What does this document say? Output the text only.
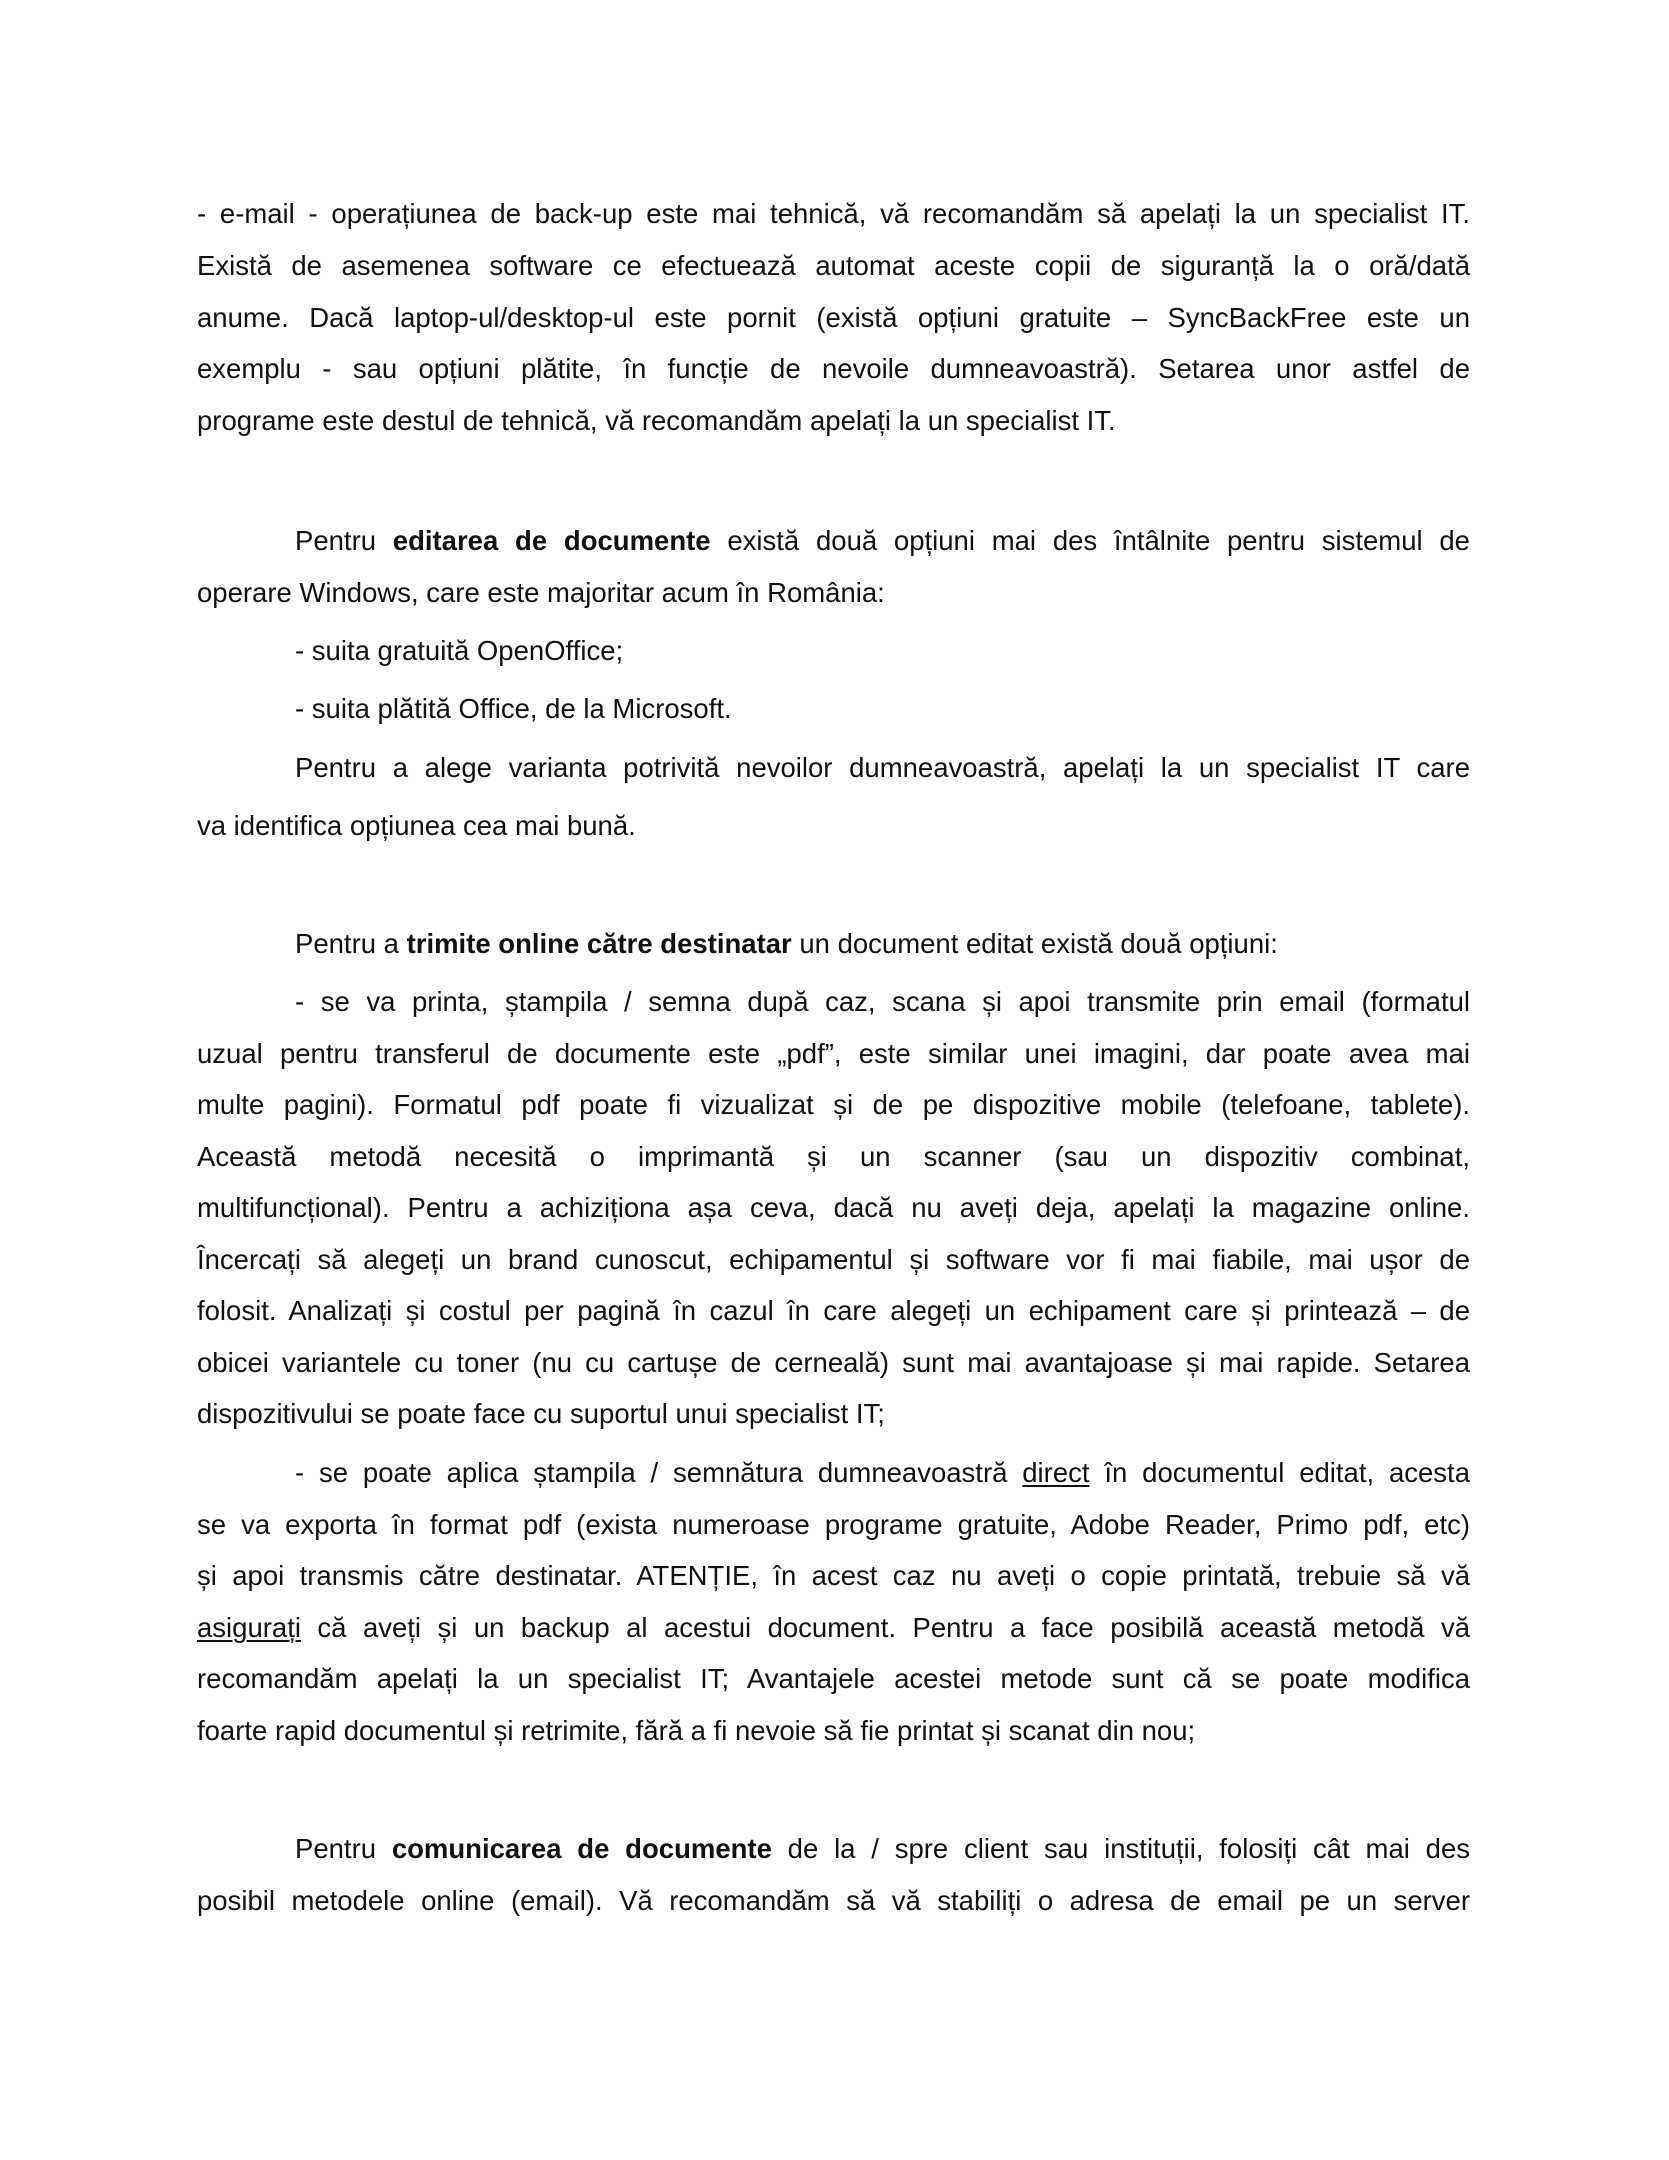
- e-mail - operațiunea de back-up este mai tehnică, vă recomandăm să apelați la un specialist IT.
Există de asemenea software ce efectuează automat aceste copii de siguranță la o oră/dată
anume. Dacă laptop-ul/desktop-ul este pornit (există opțiuni gratuite – SyncBackFree este un
exemplu - sau opțiuni plătite, în funcție de nevoile dumneavoastră). Setarea unor astfel de
programe este destul de tehnică, vă recomandăm apelați la un specialist IT.
Pentru editarea de documente există două opțiuni mai des întâlnite pentru sistemul de
operare Windows, care este majoritar acum în România:
- suita gratuită OpenOffice;
- suita plătită Office, de la Microsoft.
Pentru a alege varianta potrivită nevoilor dumneavoastră, apelați la un specialist IT care
va identifica opțiunea cea mai bună.
Pentru a trimite online către destinatar un document editat există două opțiuni:
- se va printa, ștampila / semna după caz, scana și apoi transmite prin email (formatul
uzual pentru transferul de documente este „pdf”, este similar unei imagini, dar poate avea mai
multe pagini). Formatul pdf poate fi vizualizat și de pe dispozitive mobile (telefoane, tablete).
Această metodă necesită o imprimantă și un scanner (sau un dispozitiv combinat,
multifuncțional). Pentru a achiziționa așa ceva, dacă nu aveți deja, apelați la magazine online.
Încercați să alegeți un brand cunoscut, echipamentul și software vor fi mai fiabile, mai ușor de
folosit. Analizați și costul per pagină în cazul în care alegeți un echipament care și printează – de
obicei variantele cu toner (nu cu cartușe de cerneală) sunt mai avantajoase și mai rapide. Setarea
dispozitivului se poate face cu suportul unui specialist IT;
- se poate aplica ștampila / semnătura dumneavoastră direct în documentul editat, acesta
se va exporta în format pdf (exista numeroase programe gratuite, Adobe Reader, Primo pdf, etc)
și apoi transmis către destinatar. ATENȚIE, în acest caz nu aveți o copie printată, trebuie să vă
asigurați că aveți și un backup al acestui document. Pentru a face posibilă această metodă vă
recomandăm apelați la un specialist IT; Avantajele acestei metode sunt că se poate modifica
foarte rapid documentul și retrimite, fără a fi nevoie să fie printat și scanat din nou;
Pentru comunicarea de documente de la / spre client sau instituții, folosiți cât mai des
posibil metodele online (email). Vă recomandăm să vă stabiliți o adresa de email pe un server
